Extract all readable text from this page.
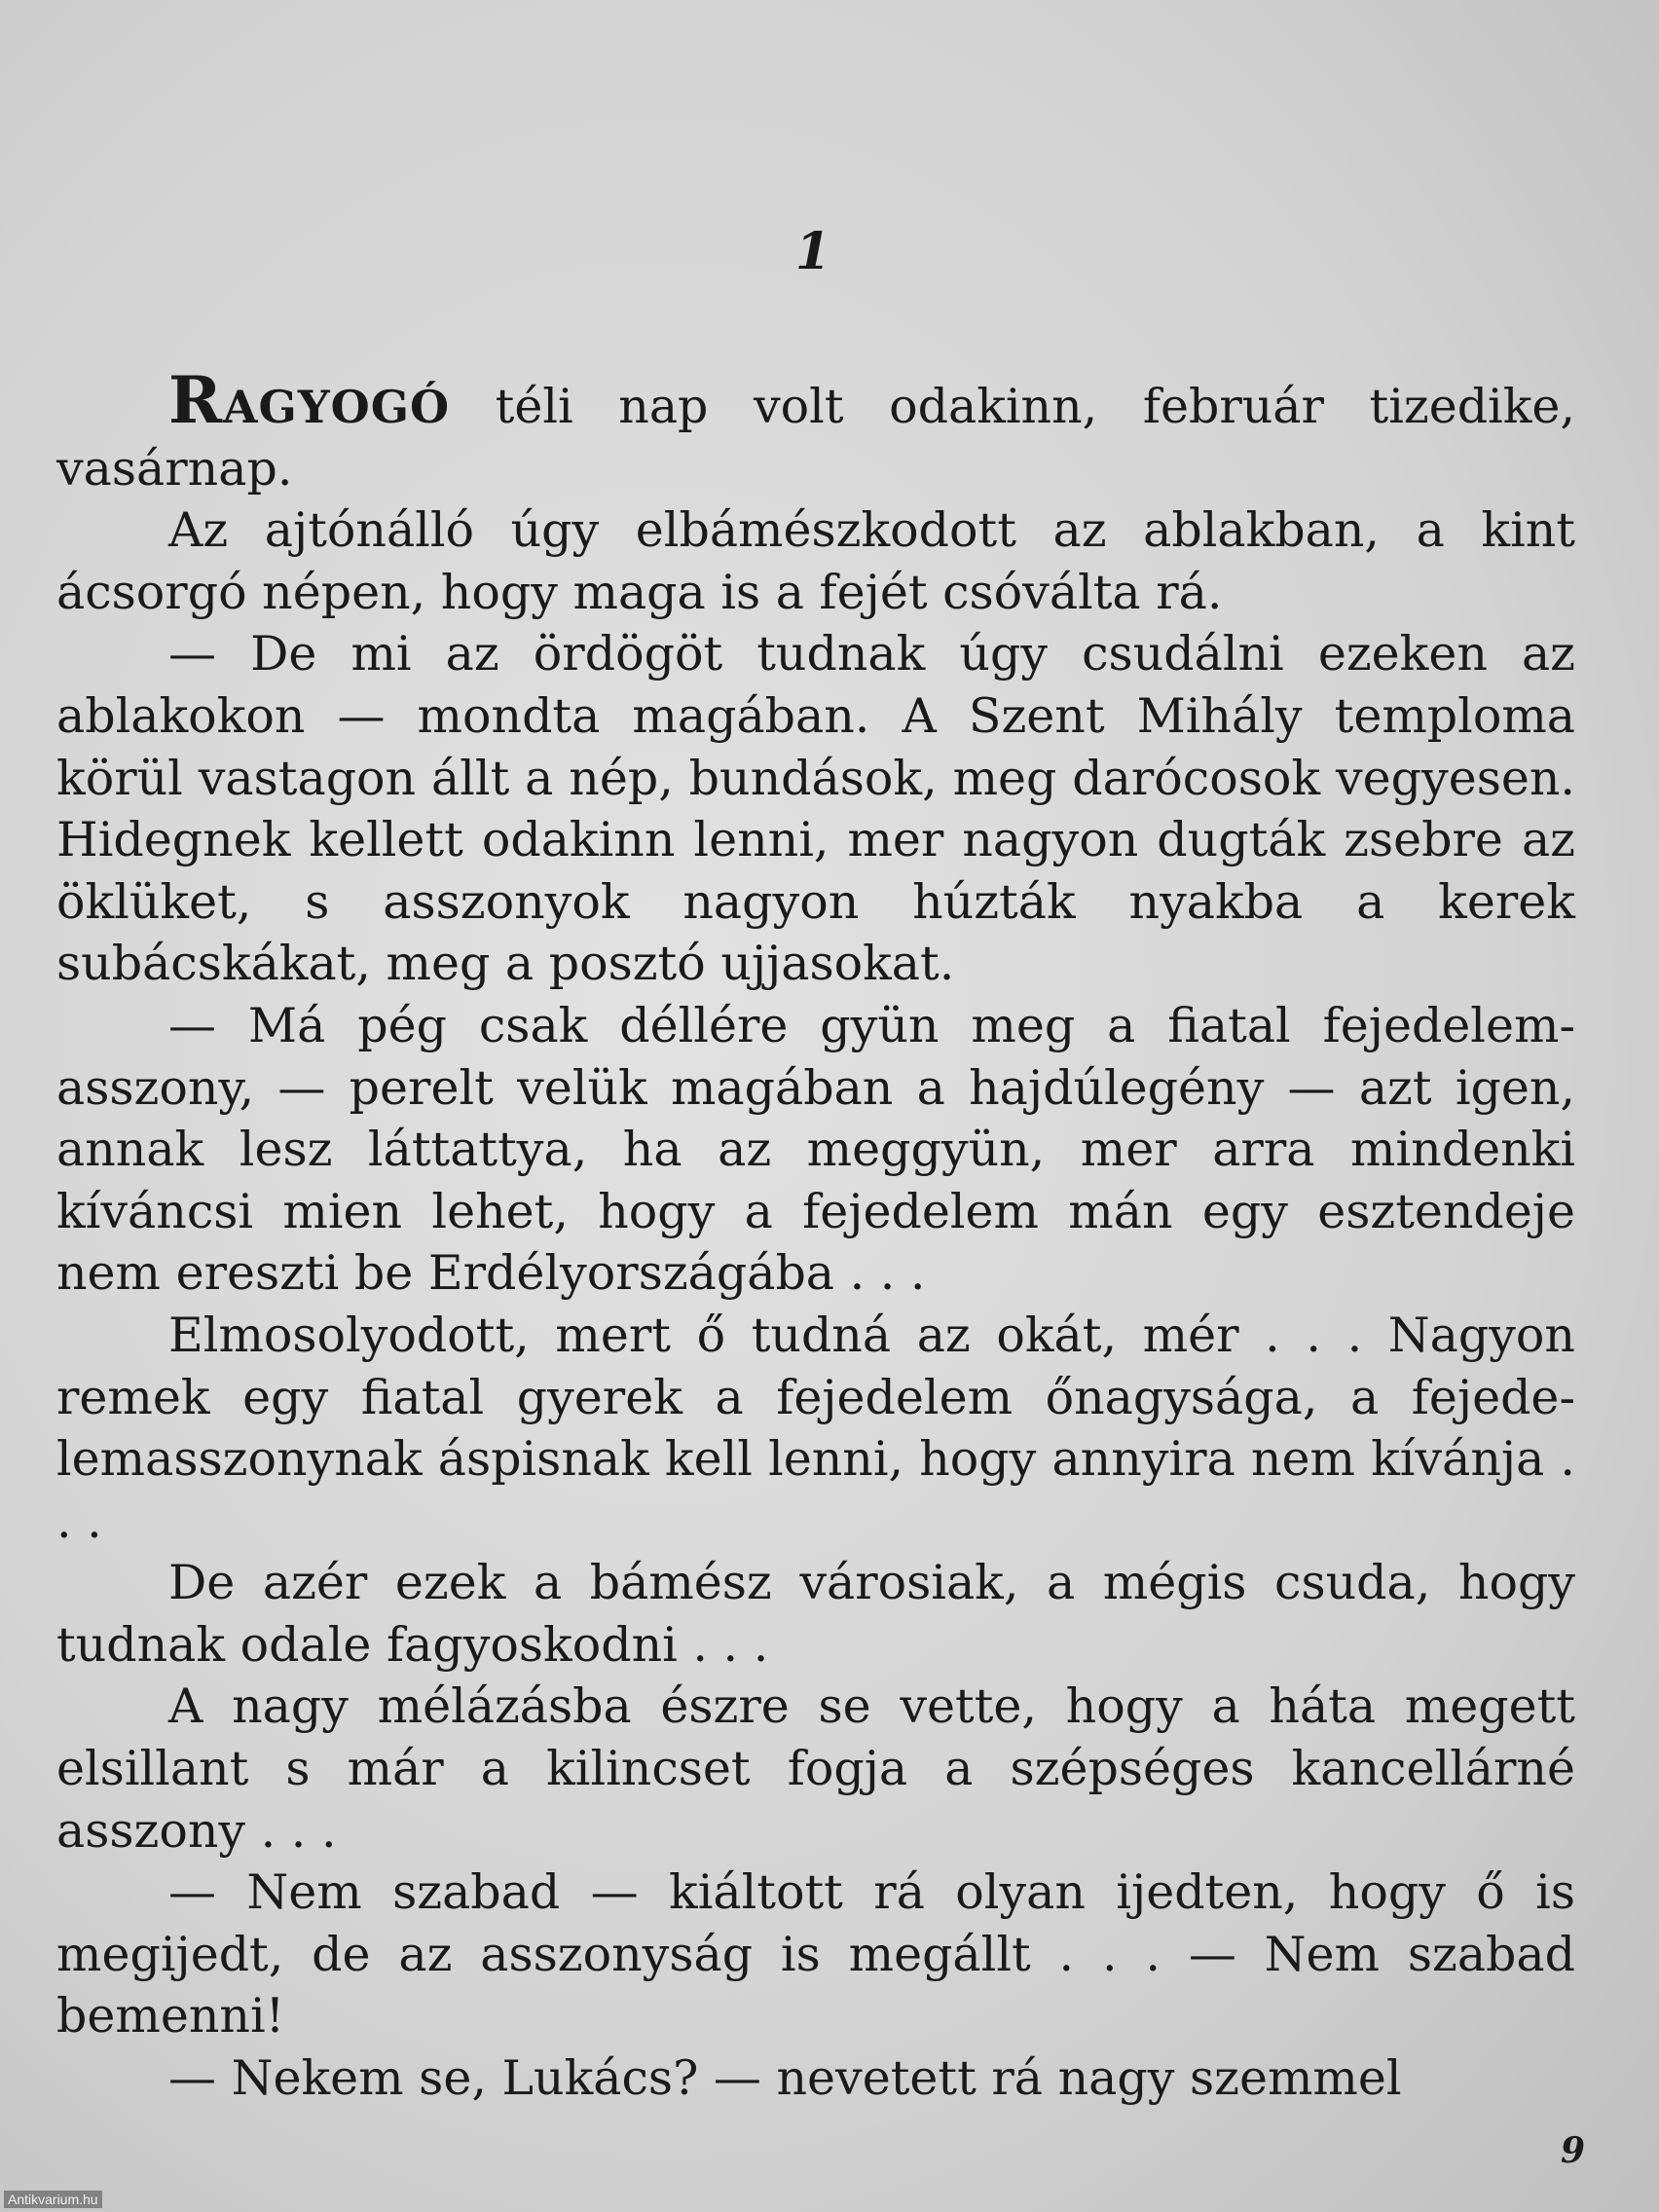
1

Ragyogó téli nap volt odakinn, február tizedike, vasárnap.

Az ajtónálló úgy elbámészkodott az ablakban, a kint ácsorgó népen, hogy maga is a fejét csóválta rá.

— De mi az ördögöt tudnak úgy csudálni ezeken az ablakokon — mondta magában. A Szent Mihály temploma körül vastagon állt a nép, bundások, meg darócosok vegyesen. Hidegnek kellett odakinn lenni, mer nagyon dugták zsebre az öklüket, s asszonyok nagyon húzták nyakba a kerek subácskákat, meg a posztó ujjasokat.

— Má pég csak déllére gyün meg a fiatal fejedelemasszony, — perelt velük magában a hajdúlegény — azt igen, annak lesz láttattya, ha az meggyün, mer arra mindenki kíváncsi mien lehet, hogy a fejedelem mán egy esztendeje nem ereszti be Erdélyországába . . .

Elmosolyodott, mert ő tudná az okát, mér . . . Nagyon remek egy fiatal gyerek a fejedelem őnagysága, a fejedelemasszonynak áspisnak kell lenni, hogy annyira nem kívánja . . .

De azér ezek a bámész városiak, a mégis csuda, hogy tudnak odale fagyoskodni . . .

A nagy mélázásba észre se vette, hogy a háta megett elsillant s már a kilincset fogja a szépséges kancellárné asszony . . .

— Nem szabad — kiáltott rá olyan ijedten, hogy ő is megijedt, de az asszonyság is megállt . . . — Nem szabad bemenni!

— Nekem se, Lukács? — nevetett rá nagy szemmel

9
Antikvarium.hu
